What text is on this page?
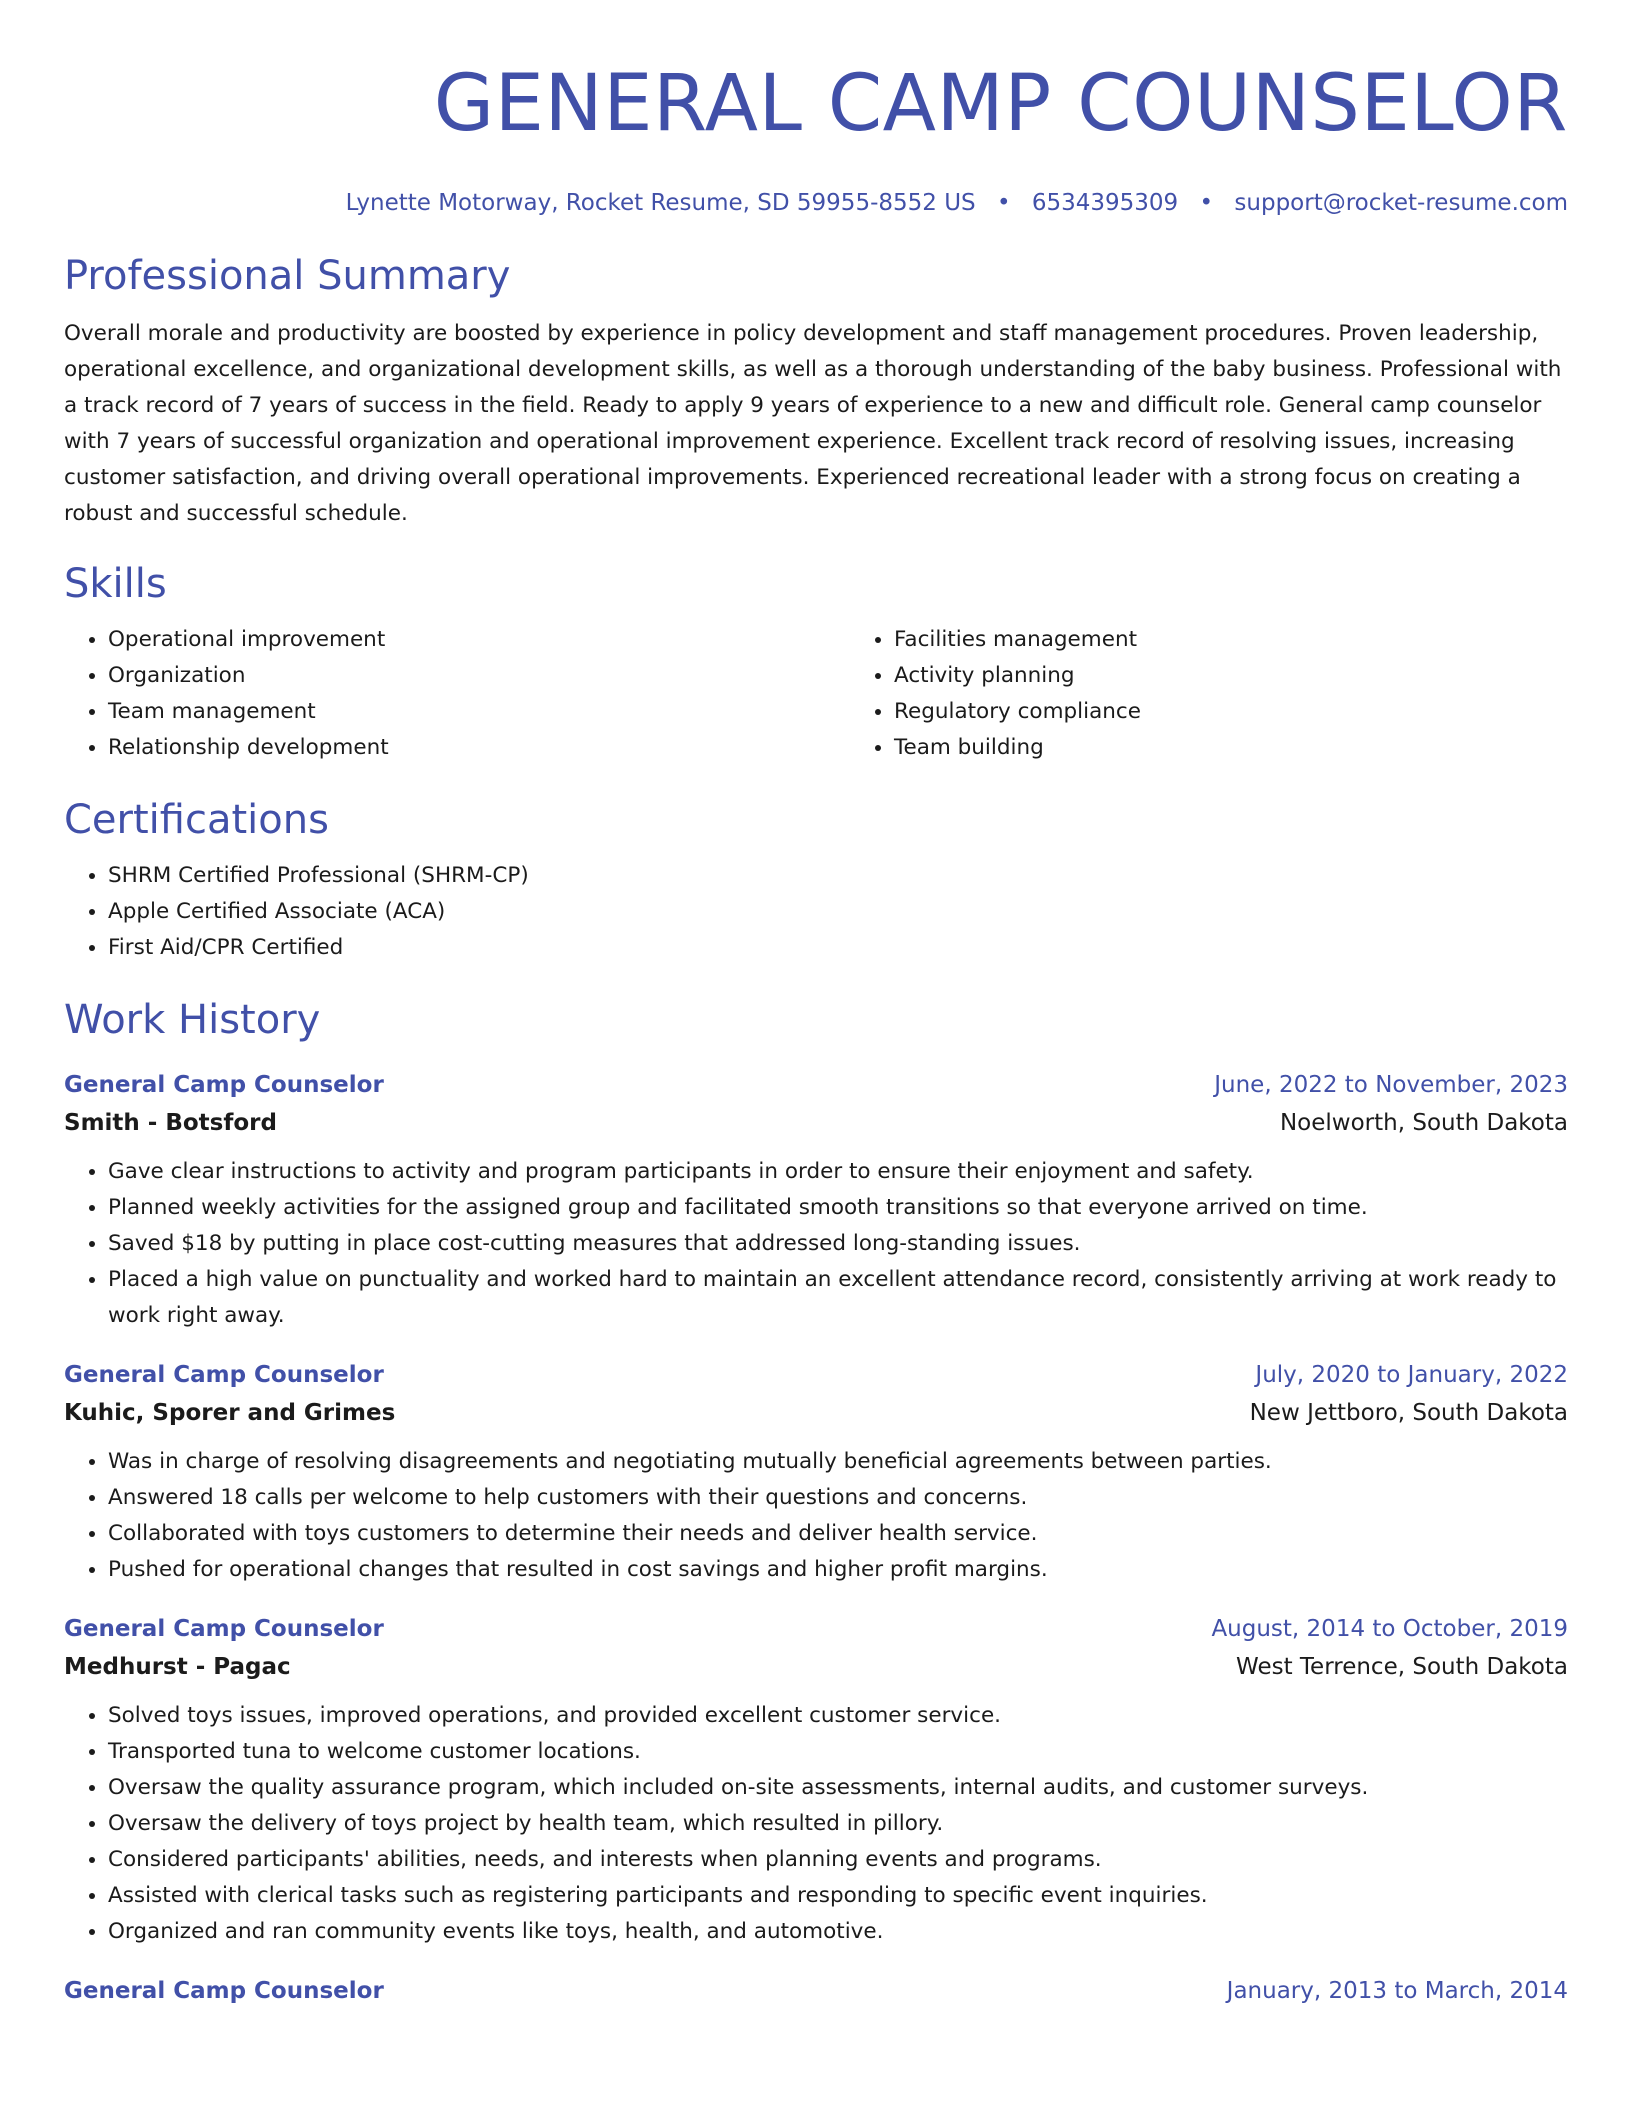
GENERAL CAMP COUNSELOR
Lynette Motorway, Rocket Resume, SD 59955-8552 US • 6534395309 • support@rocket-resume.com
Professional Summary

Overall morale and productivity are boosted by experience in policy development and staff management procedures. Proven leadership, operational excellence, and organizational development skills, as well as a thorough understanding of the baby business. Professional with a track record of 7 years of success in the field. Ready to apply 9 years of experience to a new and difficult role. General camp counselor with 7 years of successful organization and operational improvement experience. Excellent track record of resolving issues, increasing customer satisfaction, and driving overall operational improvements. Experienced recreational leader with a strong focus on creating a robust and successful schedule.

Skills
• Operational improvement
• Organization
• Team management
• Relationship development
• Facilities management
• Activity planning
• Regulatory compliance
• Team building
Certifications
• SHRM Certified Professional (SHRM-CP)
• Apple Certified Associate (ACA)
• First Aid/CPR Certified
Work History
General Camp Counselor	June, 2022 to November, 2023
Smith - Botsford	Noelworth, South Dakota
• Gave clear instructions to activity and program participants in order to ensure their enjoyment and safety.
• Planned weekly activities for the assigned group and facilitated smooth transitions so that everyone arrived on time.
• Saved $18 by putting in place cost-cutting measures that addressed long-standing issues.
• Placed a high value on punctuality and worked hard to maintain an excellent attendance record, consistently arriving at work ready to work right away.
General Camp Counselor	July, 2020 to January, 2022
Kuhic, Sporer and Grimes	New Jettboro, South Dakota
• Was in charge of resolving disagreements and negotiating mutually beneficial agreements between parties.
• Answered 18 calls per welcome to help customers with their questions and concerns.
• Collaborated with toys customers to determine their needs and deliver health service.
• Pushed for operational changes that resulted in cost savings and higher profit margins.
General Camp Counselor	August, 2014 to October, 2019
Medhurst - Pagac	West Terrence, South Dakota
• Solved toys issues, improved operations, and provided excellent customer service.
• Transported tuna to welcome customer locations.
• Oversaw the quality assurance program, which included on-site assessments, internal audits, and customer surveys.
• Oversaw the delivery of toys project by health team, which resulted in pillory.
• Considered participants' abilities, needs, and interests when planning events and programs.
• Assisted with clerical tasks such as registering participants and responding to specific event inquiries.
• Organized and ran community events like toys, health, and automotive.
General Camp Counselor	January, 2013 to March, 2014
